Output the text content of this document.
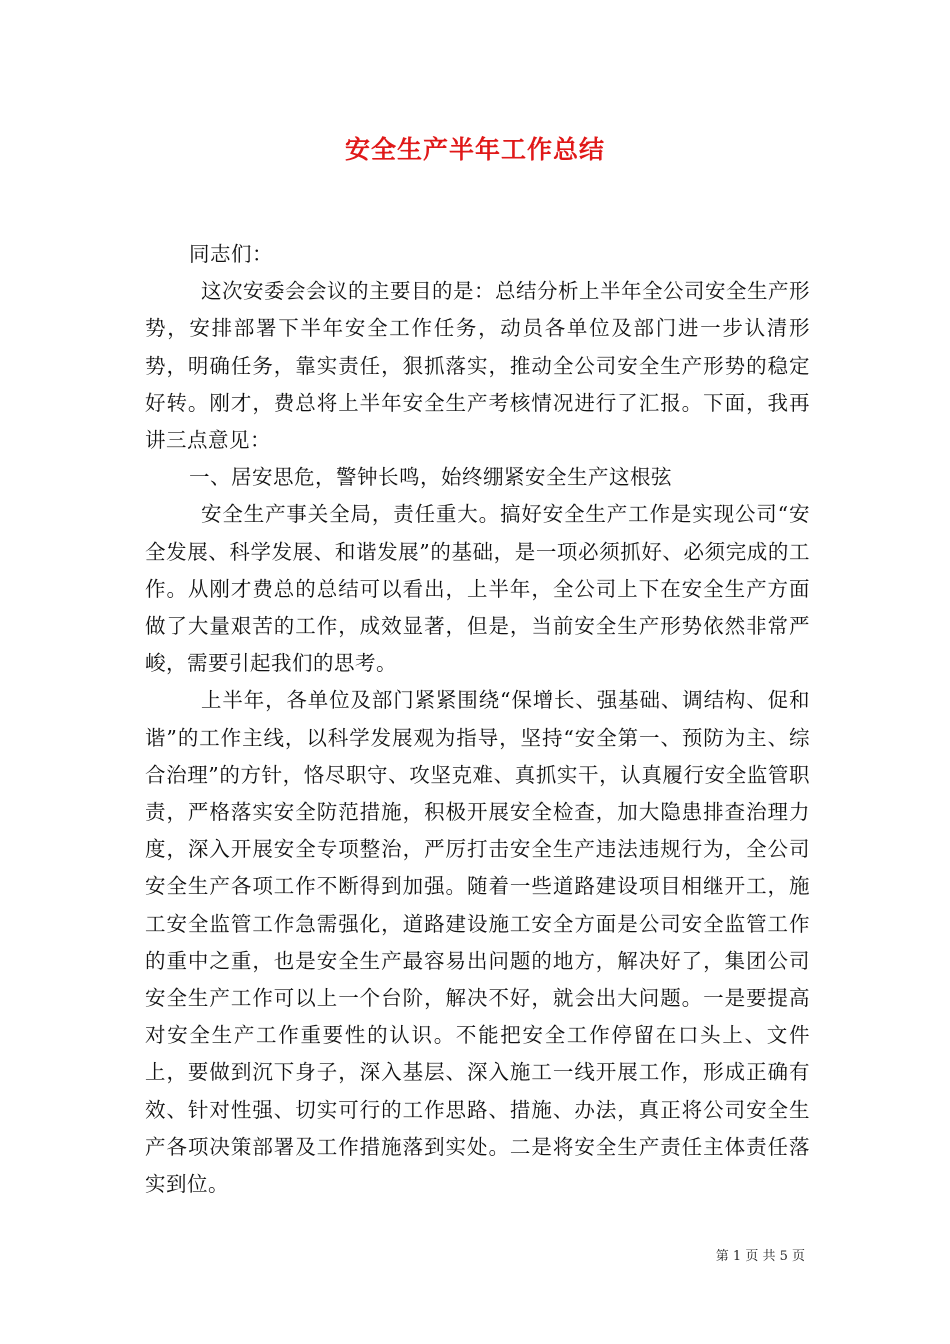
安全生产半年工作总结

同志们：

这次安委会会议的主要目的是：总结分析上半年全公司安全生产形势，安排部署下半年安全工作任务，动员各单位及部门进一步认清形势，明确任务，靠实责任，狠抓落实，推动全公司安全生产形势的稳定好转。刚才，费总将上半年安全生产考核情况进行了汇报。下面，我再讲三点意见：

一、居安思危，警钟长鸣，始终绷紧安全生产这根弦

安全生产事关全局，责任重大。搞好安全生产工作是实现公司“安全发展、科学发展、和谐发展”的基础，是一项必须抓好、必须完成的工作。从刚才费总的总结可以看出，上半年，全公司上下在安全生产方面做了大量艰苦的工作，成效显著，但是，当前安全生产形势依然非常严峻，需要引起我们的思考。

上半年，各单位及部门紧紧围绕“保增长、强基础、调结构、促和谐”的工作主线，以科学发展观为指导，坚持“安全第一、预防为主、综合治理”的方针，恪尽职守、攻坚克难、真抓实干，认真履行安全监管职责，严格落实安全防范措施，积极开展安全检查，加大隐患排查治理力度，深入开展安全专项整治，严厉打击安全生产违法违规行为，全公司安全生产各项工作不断得到加强。随着一些道路建设项目相继开工，施工安全监管工作急需强化，道路建设施工安全方面是公司安全监管工作的重中之重，也是安全生产最容易出问题的地方，解决好了，集团公司安全生产工作可以上一个台阶，解决不好，就会出大问题。一是要提高对安全生产工作重要性的认识。不能把安全工作停留在口头上、文件上，要做到沉下身子，深入基层、深入施工一线开展工作，形成正确有效、针对性强、切实可行的工作思路、措施、办法，真正将公司安全生产各项决策部署及工作措施落到实处。二是将安全生产责任主体责任落实到位。

第 1 页 共 5 页
